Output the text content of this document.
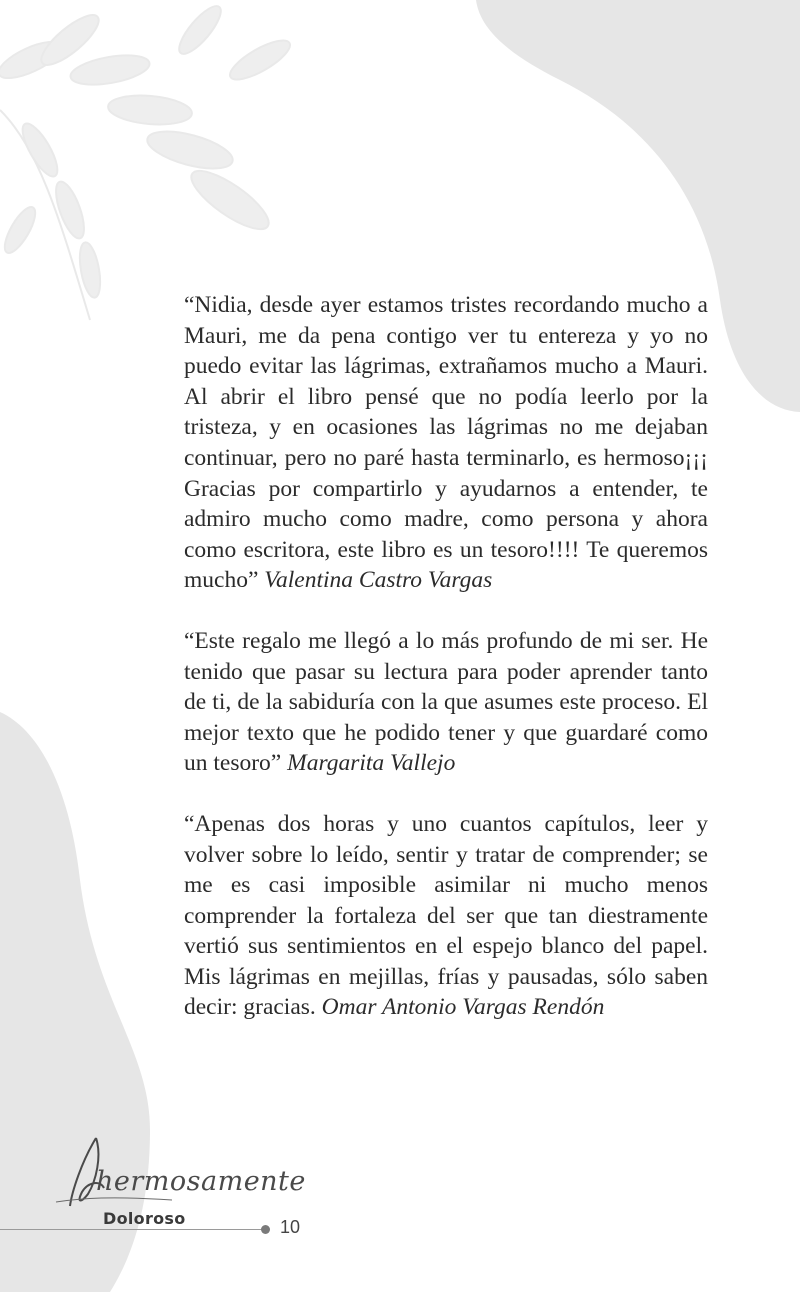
“Nidia, desde ayer estamos tristes recordando mucho a Mauri, me da pena contigo ver tu entereza y yo no puedo evitar las lágrimas, extrañamos mucho a Mauri. Al abrir el libro pensé que no podía leerlo por la tristeza, y en ocasiones las lágrimas no me dejaban continuar, pero no paré hasta terminarlo, es hermoso¡¡¡ Gracias por compartirlo y ayudarnos a entender, te admiro mucho como madre, como persona y ahora como escritora, este libro es un tesoro!!!! Te queremos mucho” Valentina Castro Vargas

“Este regalo me llegó a lo más profundo de mi ser. He tenido que pasar su lectura para poder aprender tanto de ti, de la sabiduría con la que asumes este proceso. El mejor texto que he podido tener y que guardaré como un tesoro” Margarita Vallejo

“Apenas dos horas y uno cuantos capítulos, leer y volver sobre lo leído, sentir y tratar de comprender; se me es casi imposible asimilar ni mucho menos comprender la fortaleza del ser que tan diestramente vertió sus sentimientos en el espejo blanco del papel. Mis lágrimas en mejillas, frías y pausadas, sólo saben decir: gracias. Omar Antonio Vargas Rendón

hermosamente
Doloroso	10
